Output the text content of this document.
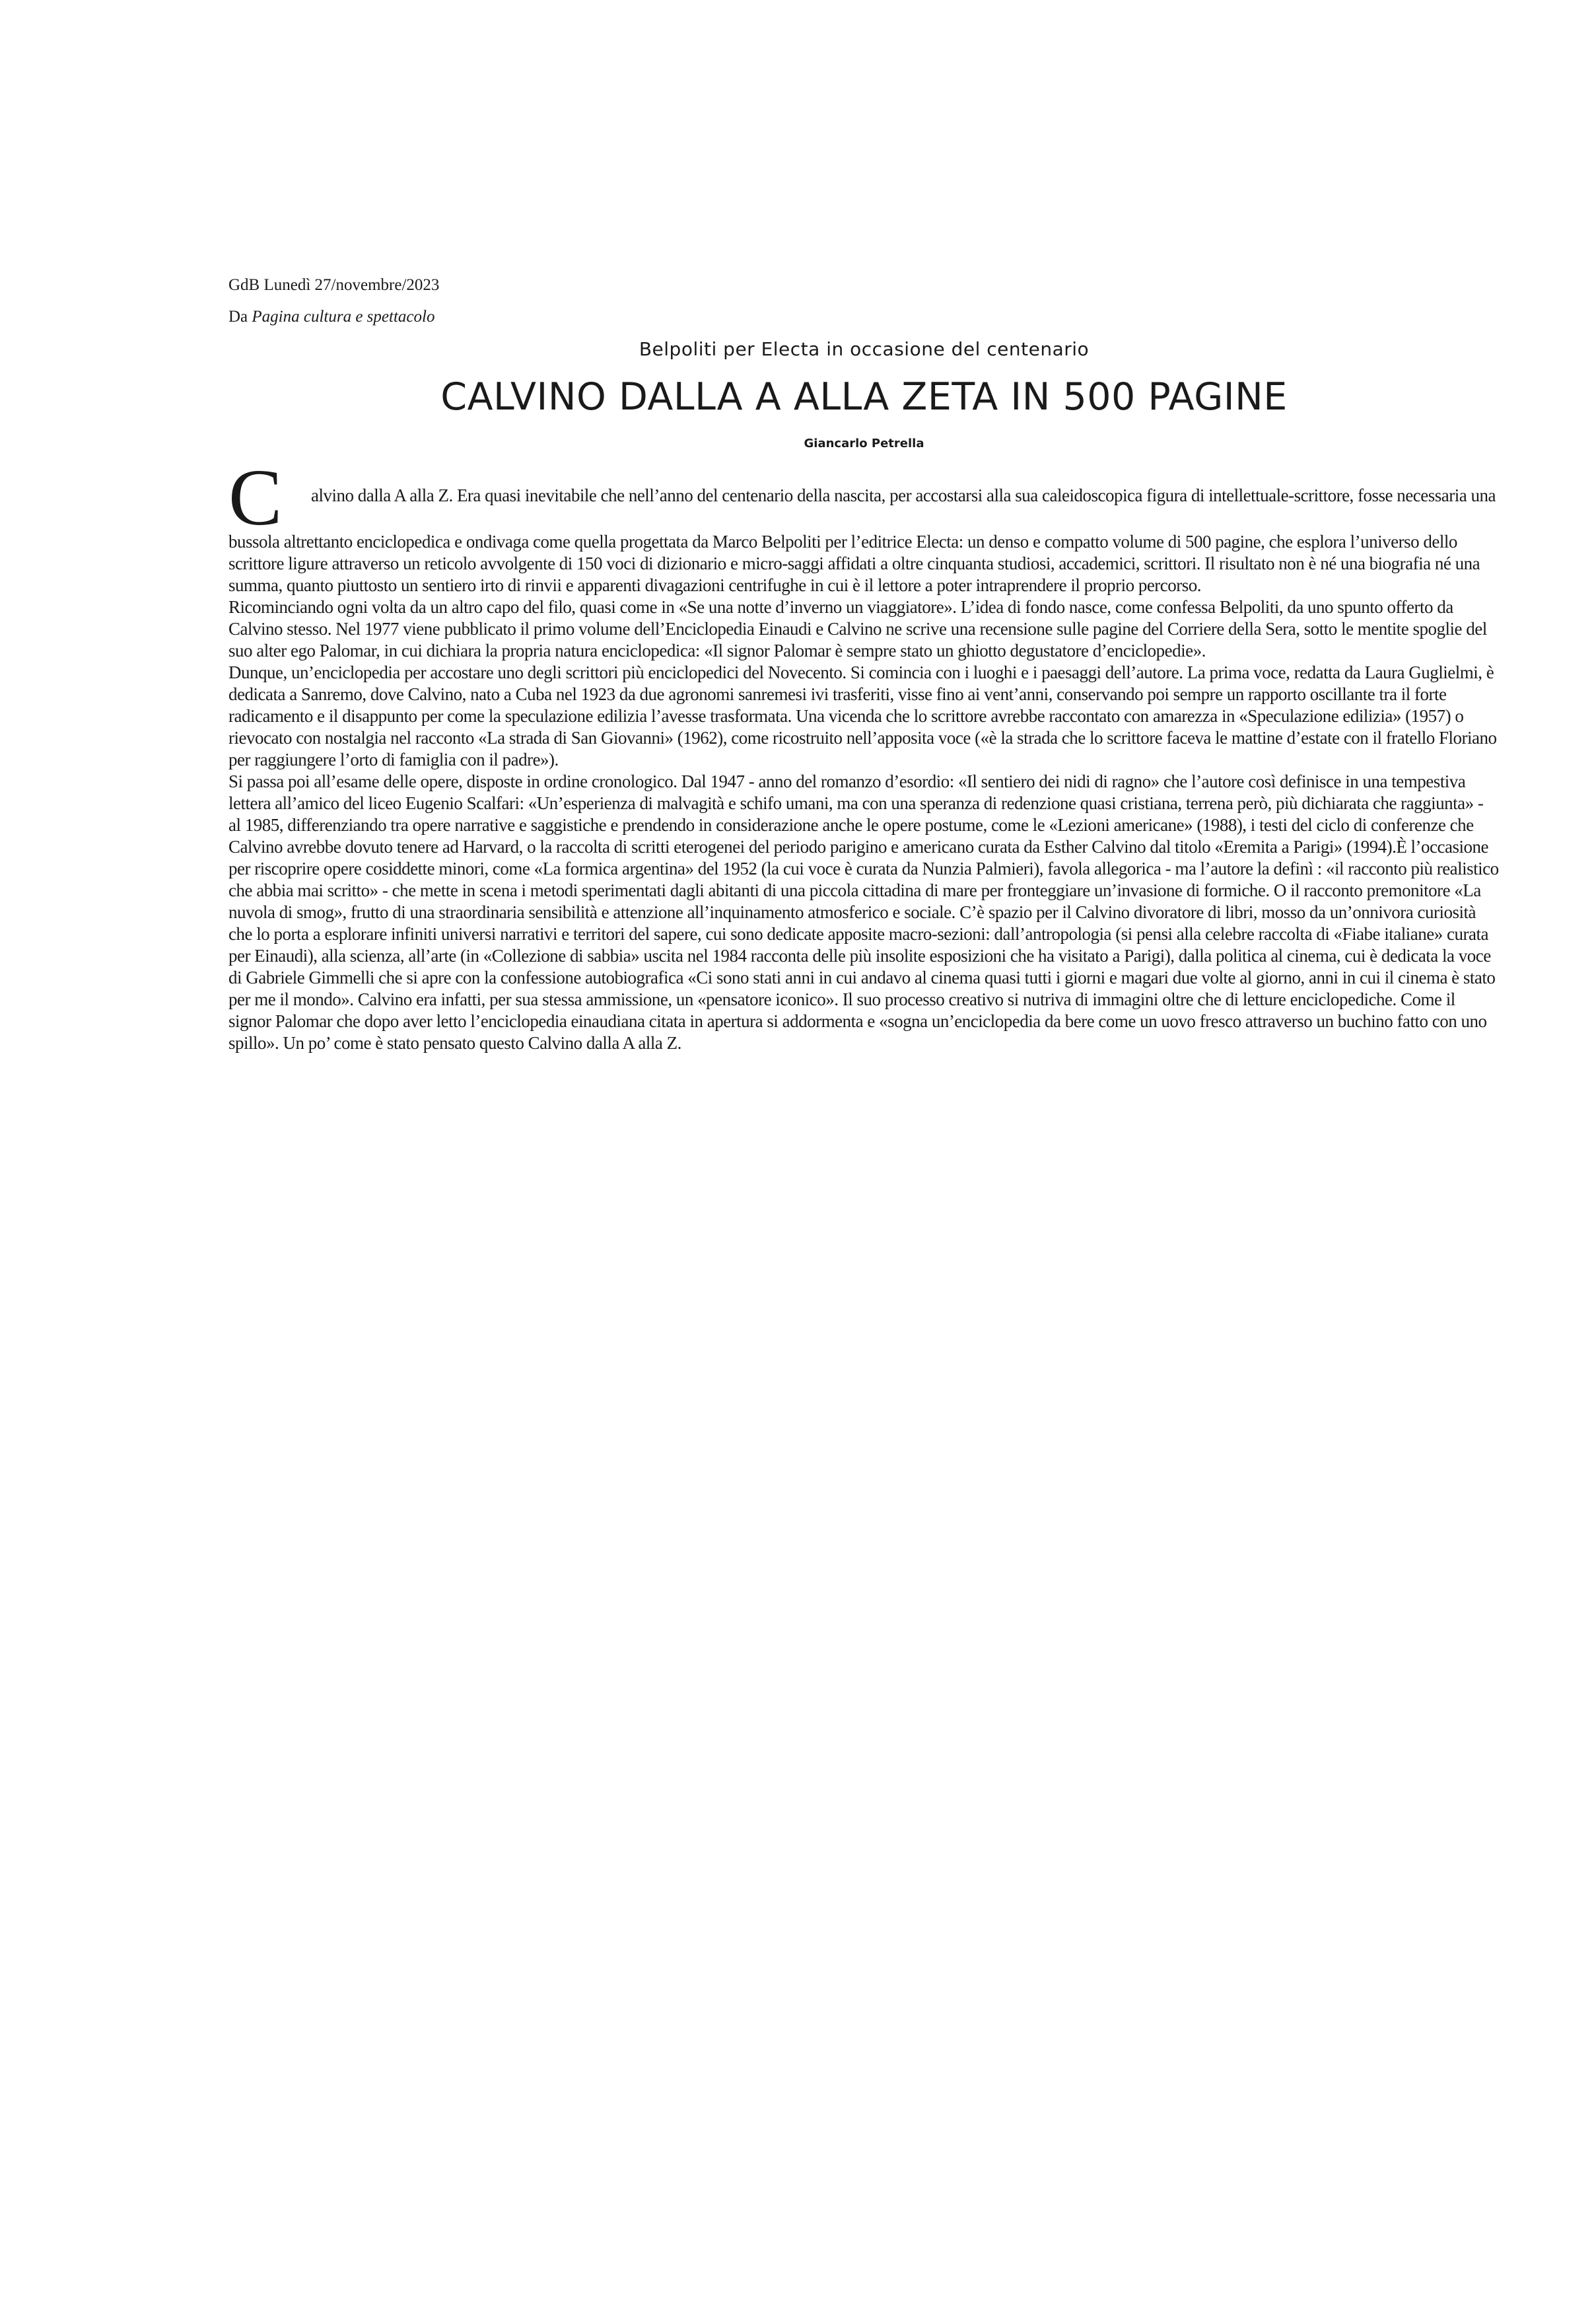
GdB Lunedì 27/novembre/2023

Da Pagina cultura e spettacolo

Belpoliti per Electa in occasione del centenario

CALVINO DALLA A ALLA ZETA IN 500 PAGINE

Giancarlo Petrella

C	alvino dalla A alla Z. Era quasi inevitabile che nell’anno del centenario della nascita, per accostarsi alla sua caleidoscopica figura di intellettuale-scrittore, fosse necessaria una

bussola altrettanto enciclopedica e ondivaga come quella progettata da Marco Belpoliti per l’editrice Electa: un denso e compatto volume di 500 pagine, che esplora l’universo dello scrittore ligure attraverso un reticolo avvolgente di 150 voci di dizionario e micro-saggi affidati a oltre cinquanta studiosi, accademici, scrittori. Il risultato non è né una biografia né una summa, quanto piuttosto un sentiero irto di rinvii e apparenti divagazioni centrifughe in cui è il lettore a poter intraprendere il proprio percorso.

Ricominciando ogni volta da un altro capo del filo, quasi come in «Se una notte d’inverno un viaggiatore». L’idea di fondo nasce, come confessa Belpoliti, da uno spunto offerto da Calvino stesso. Nel 1977 viene pubblicato il primo volume dell’Enciclopedia Einaudi e Calvino ne scrive una recensione sulle pagine del Corriere della Sera, sotto le mentite spoglie del suo alter ego Palomar, in cui dichiara la propria natura enciclopedica: «Il signor Palomar è sempre stato un ghiotto degustatore d’enciclopedie».

Dunque, un’enciclopedia per accostare uno degli scrittori più enciclopedici del Novecento. Si comincia con i luoghi e i paesaggi dell’autore. La prima voce, redatta da Laura Guglielmi, è dedicata a Sanremo, dove Calvino, nato a Cuba nel 1923 da due agronomi sanremesi ivi trasferiti, visse fino ai vent’anni, conservando poi sempre un rapporto oscillante tra il forte radicamento e il disappunto per come la speculazione edilizia l’avesse trasformata. Una vicenda che lo scrittore avrebbe raccontato con amarezza in «Speculazione edilizia» (1957) o rievocato con nostalgia nel racconto «La strada di San Giovanni» (1962), come ricostruito nell’apposita voce («è la strada che lo scrittore faceva le mattine d’estate con il fratello Floriano per raggiungere l’orto di famiglia con il padre»).

Si passa poi all’esame delle opere, disposte in ordine cronologico. Dal 1947 - anno del romanzo d’esordio: «Il sentiero dei nidi di ragno» che l’autore così definisce in una tempestiva lettera all’amico del liceo Eugenio Scalfari: «Un’esperienza di malvagità e schifo umani, ma con una speranza di redenzione quasi cristiana, terrena però, più dichiarata che raggiunta» - al 1985, differenziando tra opere narrative e saggistiche e prendendo in considerazione anche le opere postume, come le «Lezioni americane» (1988), i testi del ciclo di conferenze che Calvino avrebbe dovuto tenere ad Harvard, o la raccolta di scritti eterogenei del periodo parigino e americano curata da Esther Calvino dal titolo «Eremita a Parigi» (1994).È l’occasione per riscoprire opere cosiddette minori, come «La formica argentina» del 1952 (la cui voce è curata da Nunzia Palmieri), favola allegorica - ma l’autore la definì : «il racconto più realistico che abbia mai scritto» - che mette in scena i metodi sperimentati dagli abitanti di una piccola cittadina di mare per fronteggiare un’invasione di formiche. O il racconto premonitore «La nuvola di smog», frutto di una straordinaria sensibilità e attenzione all’inquinamento atmosferico e sociale. C’è spazio per il Calvino divoratore di libri, mosso da un’onnivora curiosità che lo porta a esplorare infiniti universi narrativi e territori del sapere, cui sono dedicate apposite macro-sezioni: dall’antropologia (si pensi alla celebre raccolta di «Fiabe italiane» curata per Einaudi), alla scienza, all’arte (in «Collezione di sabbia» uscita nel 1984 racconta delle più insolite esposizioni che ha visitato a Parigi), dalla politica al cinema, cui è dedicata la voce di Gabriele Gimmelli che si apre con la confessione autobiografica «Ci sono stati anni in cui andavo al cinema quasi tutti i giorni e magari due volte al giorno, anni in cui il cinema è stato per me il mondo». Calvino era infatti, per sua stessa ammissione, un «pensatore iconico». Il suo processo creativo si nutriva di immagini oltre che di letture enciclopediche. Come il signor Palomar che dopo aver letto l’enciclopedia einaudiana citata in apertura si addormenta e «sogna un’enciclopedia da bere come un uovo fresco attraverso un buchino fatto con uno spillo». Un po’ come è stato pensato questo Calvino dalla A alla Z.
